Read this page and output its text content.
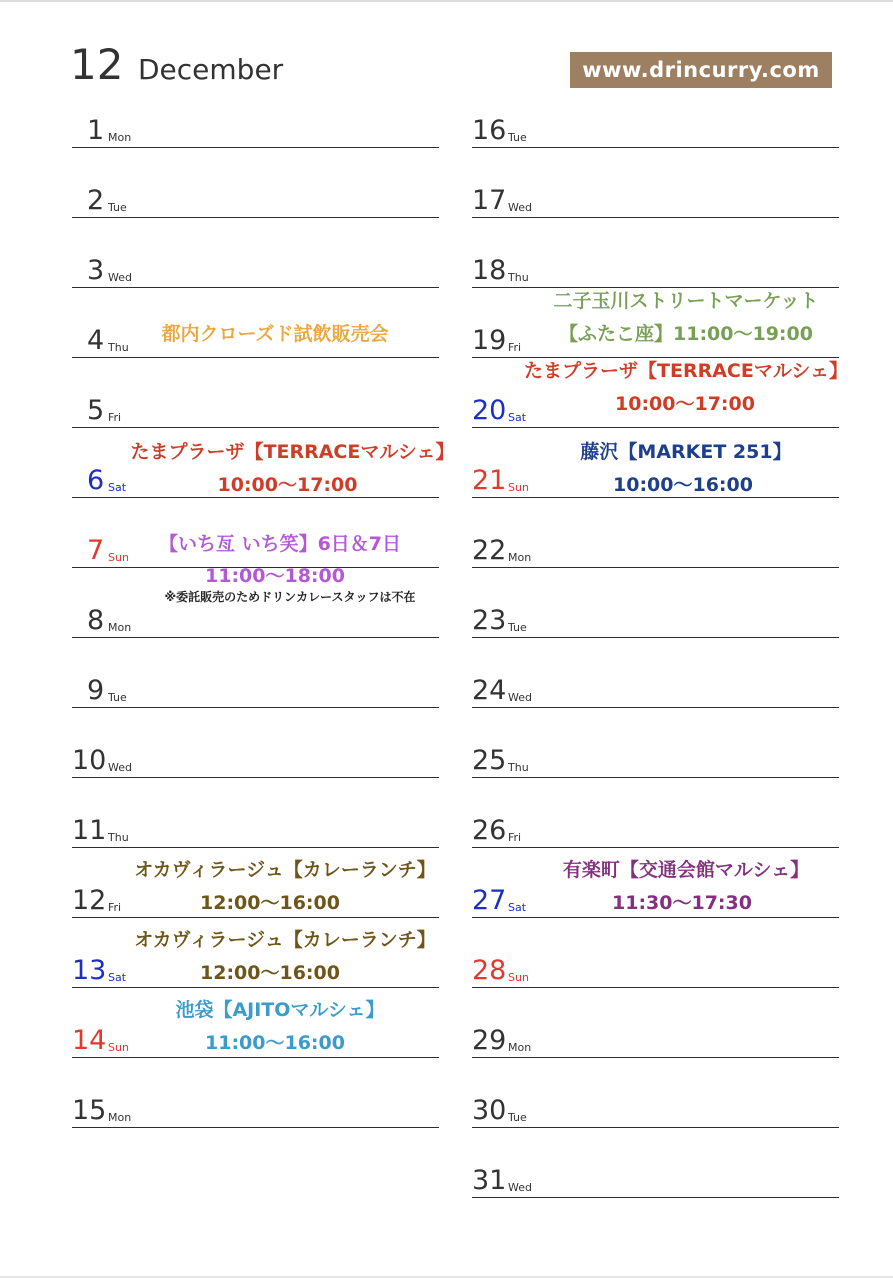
12 December	www.drincurry.com
1 Mon
2 Tue
3 Wed
4 Thu
5 Fri
6 Sat
7 Sun
8 Mon
9 Tue
10 Wed
11 Thu
12 Fri
13 Sat
14 Sun
15 Mon
16 Tue
17 Wed
18 Thu
19 Fri
20 Sat
21 Sun
22 Mon
23 Tue
24 Wed
25 Thu
26 Fri
27 Sat
28 Sun
29 Mon
30 Tue
31 Wed
都内クローズド試飲販売会
たまプラーザ【TERRACEマルシェ】
10:00〜17:00
【いち亙 いち笑】6日＆7日
11:00〜18:00
※委託販売のためドリンカレースタッフは不在
オカヴィラージュ【カレーランチ】
12:00〜16:00
オカヴィラージュ【カレーランチ】
12:00〜16:00
池袋【AJITOマルシェ】
11:00〜16:00
二子玉川ストリートマーケット
【ふたこ座】11:00〜19:00
たまプラーザ【TERRACEマルシェ】
10:00〜17:00
藤沢【MARKET 251】
10:00〜16:00
有楽町【交通会館マルシェ】
11:30〜17:30
